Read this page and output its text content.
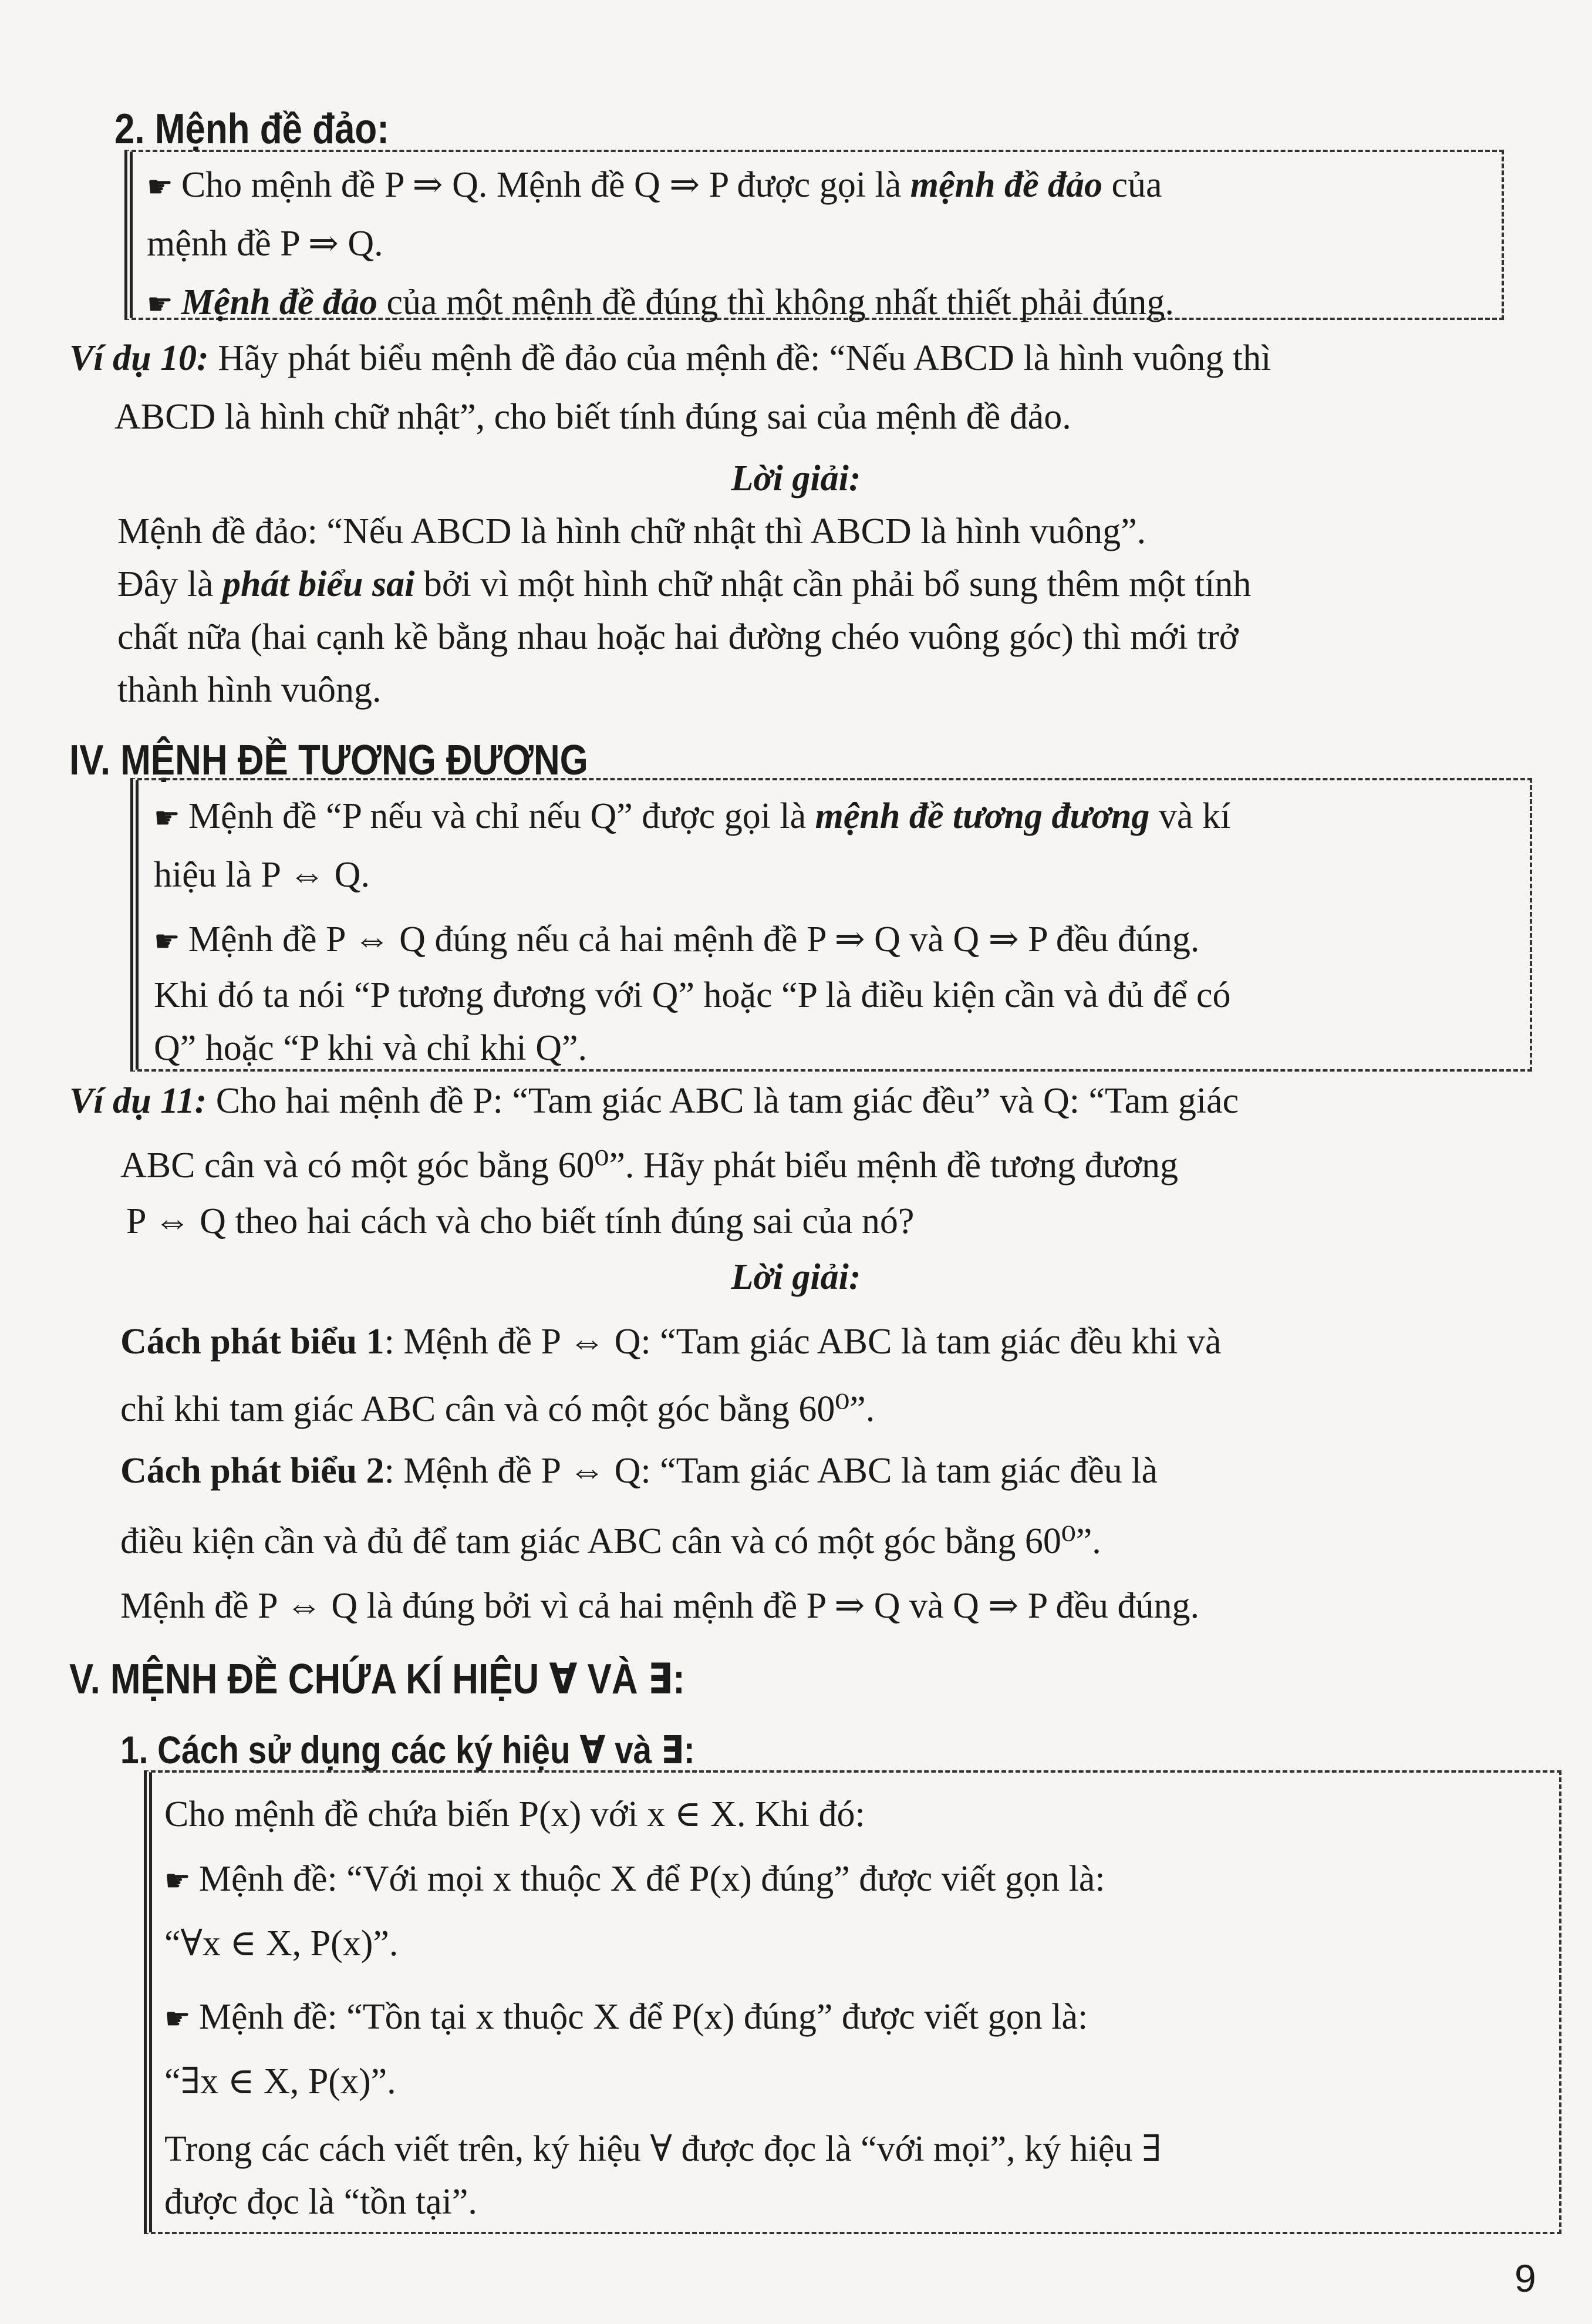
2. Mệnh đề đảo:
☛ Cho mệnh đề P ⇒ Q. Mệnh đề Q ⇒ P được gọi là mệnh đề đảo của
mệnh đề P ⇒ Q.
☛ Mệnh đề đảo của một mệnh đề đúng thì không nhất thiết phải đúng.
Ví dụ 10: Hãy phát biểu mệnh đề đảo của mệnh đề: “Nếu ABCD là hình vuông thì
ABCD là hình chữ nhật”, cho biết tính đúng sai của mệnh đề đảo.
Lời giải:
Mệnh đề đảo: “Nếu ABCD là hình chữ nhật thì ABCD là hình vuông”.
Đây là phát biểu sai bởi vì một hình chữ nhật cần phải bổ sung thêm một tính
chất nữa (hai cạnh kề bằng nhau hoặc hai đường chéo vuông góc) thì mới trở
thành hình vuông.
IV. MỆNH ĐỀ TƯƠNG ĐƯƠNG
☛ Mệnh đề “P nếu và chỉ nếu Q” được gọi là mệnh đề tương đương và kí
hiệu là P ⇔ Q.
☛ Mệnh đề P ⇔ Q đúng nếu cả hai mệnh đề P ⇒ Q và Q ⇒ P đều đúng.
Khi đó ta nói “P tương đương với Q” hoặc “P là điều kiện cần và đủ để có
Q” hoặc “P khi và chỉ khi Q”.
Ví dụ 11: Cho hai mệnh đề P: “Tam giác ABC là tam giác đều” và Q: “Tam giác
ABC cân và có một góc bằng 60⁰”. Hãy phát biểu mệnh đề tương đương
P ⇔ Q theo hai cách và cho biết tính đúng sai của nó?
Lời giải:
Cách phát biểu 1: Mệnh đề P ⇔ Q: “Tam giác ABC là tam giác đều khi và
chỉ khi tam giác ABC cân và có một góc bằng 60⁰”.
Cách phát biểu 2: Mệnh đề P ⇔ Q: “Tam giác ABC là tam giác đều là
điều kiện cần và đủ để tam giác ABC cân và có một góc bằng 60⁰”.
Mệnh đề P ⇔ Q là đúng bởi vì cả hai mệnh đề P ⇒ Q và Q ⇒ P đều đúng.
V. MỆNH ĐỀ CHỨA KÍ HIỆU ∀ VÀ ∃:
1. Cách sử dụng các ký hiệu ∀ và ∃:
Cho mệnh đề chứa biến P(x) với x ∈ X. Khi đó:
☛ Mệnh đề: “Với mọi x thuộc X để P(x) đúng” được viết gọn là:
“∀x ∈ X, P(x)”.
☛ Mệnh đề: “Tồn tại x thuộc X để P(x) đúng” được viết gọn là:
“∃x ∈ X, P(x)”.
Trong các cách viết trên, ký hiệu ∀ được đọc là “với mọi”, ký hiệu ∃
được đọc là “tồn tại”.
9
